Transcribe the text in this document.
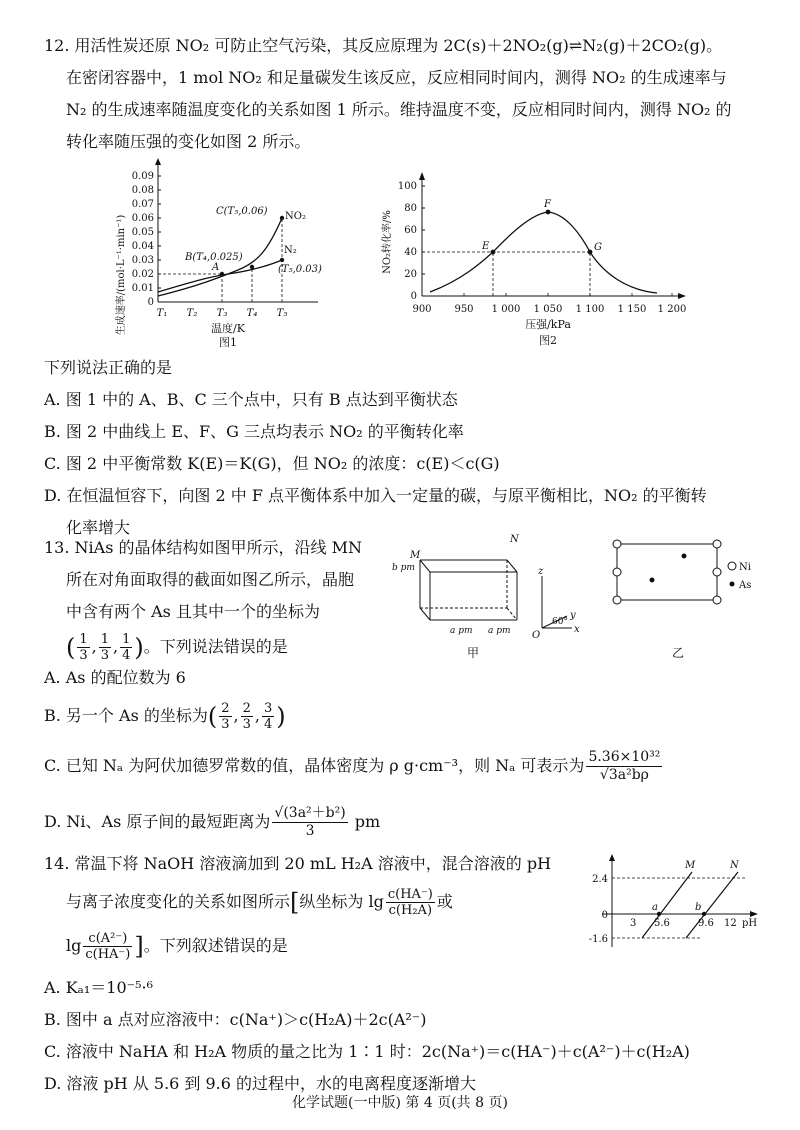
12. 用活性炭还原 NO₂ 可防止空气污染，其反应原理为 2C(s)＋2NO₂(g)⇌N₂(g)＋2CO₂(g)。
在密闭容器中，1 mol NO₂ 和足量碳发生该反应，反应相同时间内，测得 NO₂ 的生成速率与
N₂ 的生成速率随温度变化的关系如图 1 所示。维持温度不变，反应相同时间内，测得 NO₂ 的
转化率随压强的变化如图 2 所示。
生成速率/(mol·L⁻¹·min⁻¹) 0
0.01
0.02
0.03
0.04
0.05
0.06
0.07
0.08
0.09
T₁ T₂ T₃ T₄ T₅
A
B(T₄,0.025)
C(T₅,0.06) NO₂
N₂
(T₅,0.03)
温度/K
图1
NO₂转化率/%
0
20
40
60
80
100
900 950 1 000 1 050 1 100 1 150 1 200
E
F
G
压强/kPa
图2
下列说法正确的是
A. 图 1 中的 A、B、C 三个点中，只有 B 点达到平衡状态
B. 图 2 中曲线上 E、F、G 三点均表示 NO₂ 的平衡转化率
C. 图 2 中平衡常数 K(E)＝K(G)，但 NO₂ 的浓度：c(E)＜c(G)
D. 在恒温恒容下，向图 2 中 F 点平衡体系中加入一定量的碳，与原平衡相比，NO₂ 的平衡转
化率增大
13. NiAs 的晶体结构如图甲所示，沿线 MN
所在对角面取得的截面如图乙所示，晶胞
中含有两个 As 且其中一个的坐标为
( $\frac{1}{3}$ , $\frac{1}{3}$ , $\frac{1}{4}$ )。下列说法错误的是
M
N
b pm
a pm a pm
z
y
x
O
60°
甲
Ni
As
乙
A. As 的配位数为 6
B. 另一个 As 的坐标为( $\frac{2}{3}$ , $\frac{2}{3}$ , $\frac{3}{4}$ )
C. 已知 Nₐ 为阿伏加德罗常数的值，晶体密度为 ρ g·cm⁻³，则 Nₐ 可表示为 $\frac{\text{5.36×10³²}}{\text{√3a²bρ}}$
D. Ni、As 原子间的最短距离为 $\frac{\text{√(3a²＋b²)}}{3}$ pm
14. 常温下将 NaOH 溶液滴加到 20 mL H₂A 溶液中，混合溶液的 pH
与离子浓度变化的关系如图所示[纵坐标为 $\lg \frac{c(HA^-)}{\text{c(H₂A)}}$ 或
$\lg \frac{\text{c(A²⁻)}}{c(HA^-)}$ ]。下列叙述错误的是
M	N
2.4
0
-1.6
3
a
5.6
b
9.6 12 pH
A. Kₐ₁＝10⁻⁵·⁶
B. 图中 a 点对应溶液中：c(Na⁺)＞c(H₂A)＋2c(A²⁻)
C. 溶液中 NaHA 和 H₂A 物质的量之比为 1∶1 时：2c(Na⁺)＝c(HA⁻)＋c(A²⁻)＋c(H₂A)
D. 溶液 pH 从 5.6 到 9.6 的过程中，水的电离程度逐渐增大
化学试题(一中版) 第 4 页(共 8 页)
